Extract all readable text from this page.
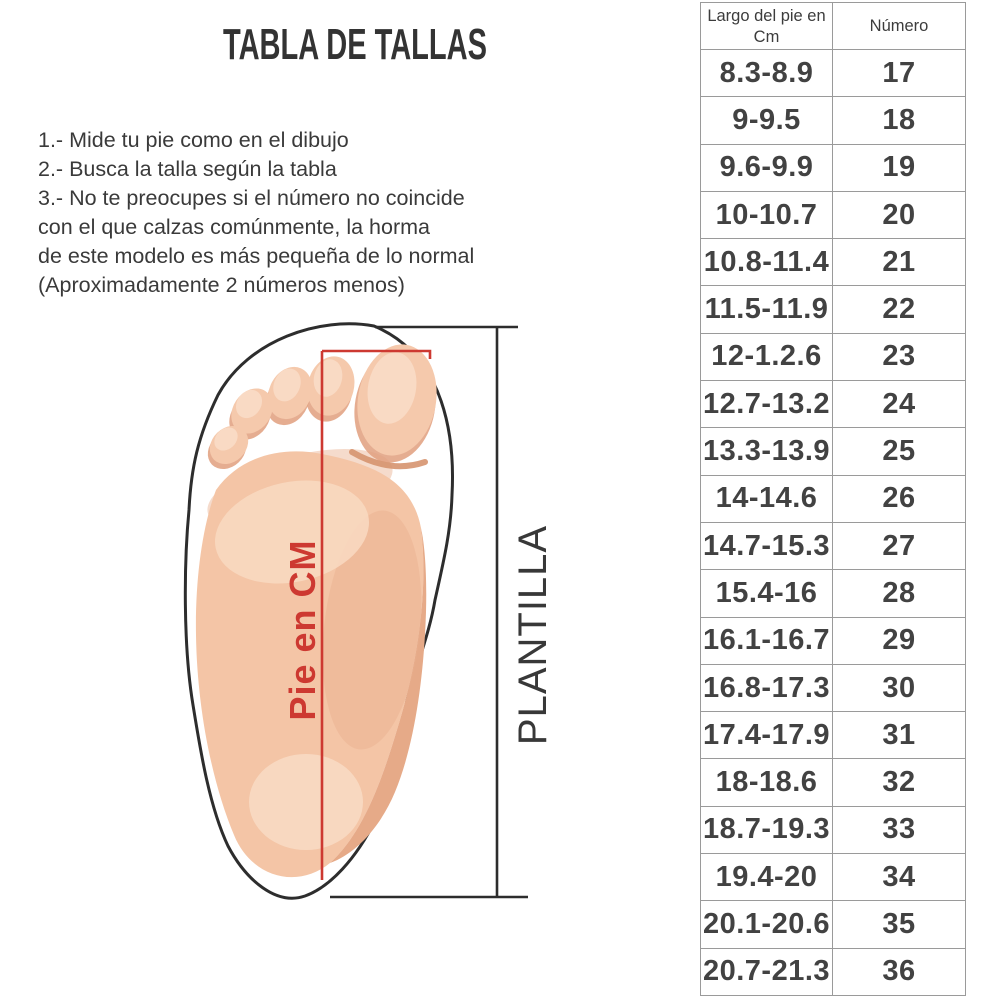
TABLA DE TALLAS
1.- Mide tu pie como en el dibujo
2.- Busca la talla según la tabla
3.- No te preocupes si el número no coincide
con el que calzas comúnmente, la horma
de este modelo es más pequeña de lo normal
(Aproximadamente 2 números menos)
Pie en CM	PLANTILLA
Largo del pie en Cm
Número
8.3-8.9	17
9-9.5	18
9.6-9.9	19
10-10.7	20
10.8-11.4	21
11.5-11.9	22
12-1.2.6	23
12.7-13.2	24
13.3-13.9	25
14-14.6	26
14.7-15.3	27
15.4-16	28
16.1-16.7	29
16.8-17.3	30
17.4-17.9	31
18-18.6	32
18.7-19.3	33
19.4-20	34
20.1-20.6	35
20.7-21.3	36
